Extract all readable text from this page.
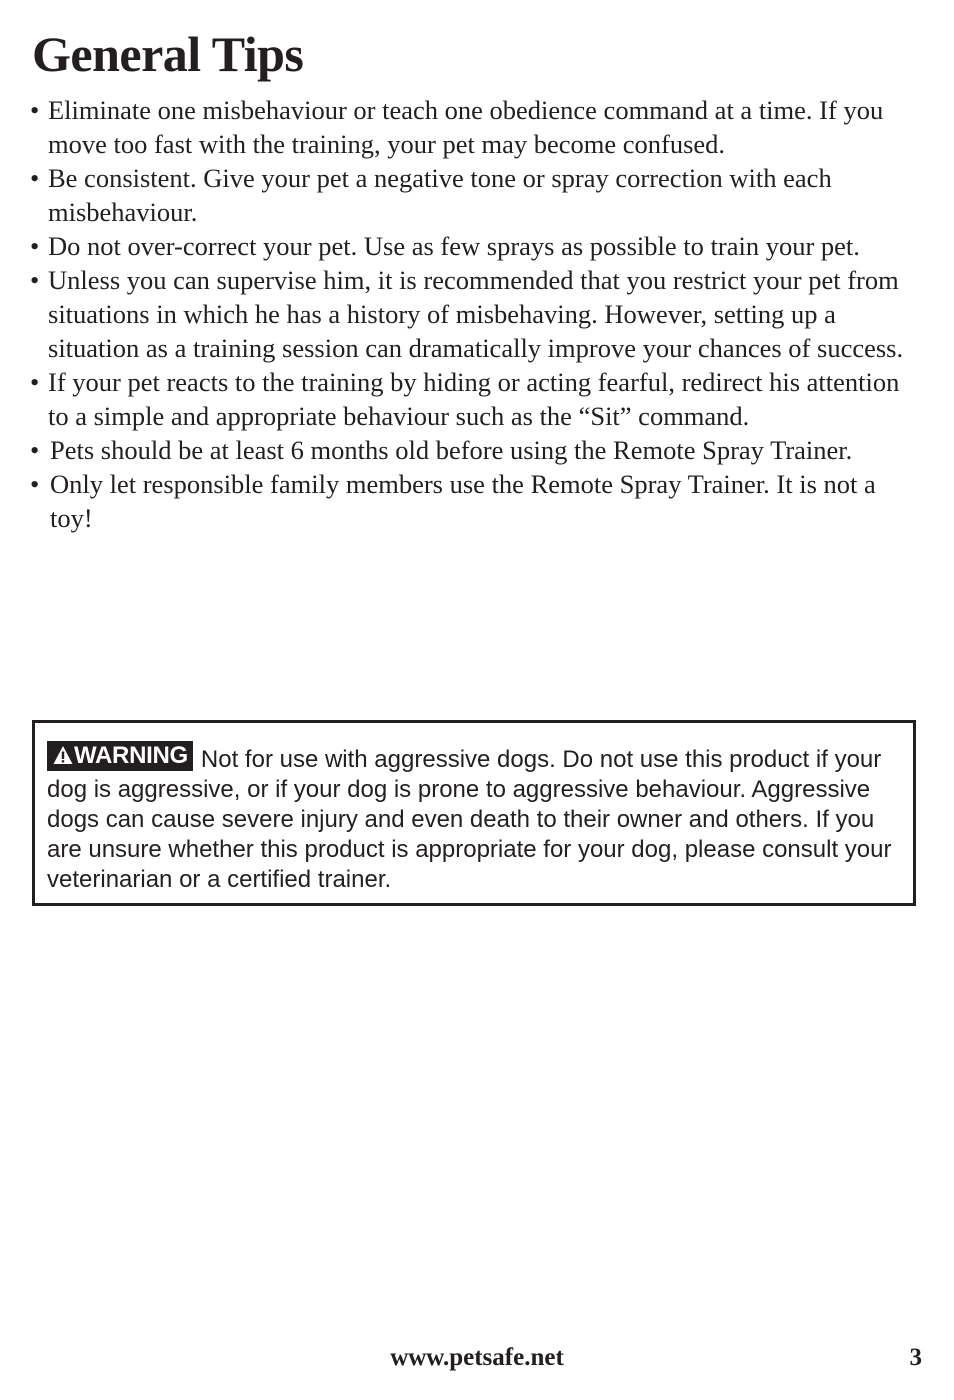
General Tips
• Eliminate one misbehaviour or teach one obedience command at a time. If you move too fast with the training, your pet may become confused.
• Be consistent. Give your pet a negative tone or spray correction with each misbehaviour.
• Do not over-correct your pet. Use as few sprays as possible to train your pet.
• Unless you can supervise him, it is recommended that you restrict your pet from situations in which he has a history of misbehaving. However, setting up a situation as a training session can dramatically improve your chances of success.
• If your pet reacts to the training by hiding or acting fearful, redirect his attention to a simple and appropriate behaviour such as the “Sit” command.
• Pets should be at least 6 months old before using the Remote Spray Trainer.
• Only let responsible family members use the Remote Spray Trainer. It is not a toy!
WARNING Not for use with aggressive dogs. Do not use this product if your dog is aggressive, or if your dog is prone to aggressive behaviour. Aggressive dogs can cause severe injury and even death to their owner and others. If you are unsure whether this product is appropriate for your dog, please consult your veterinarian or a certified trainer.
www.petsafe.net	3
